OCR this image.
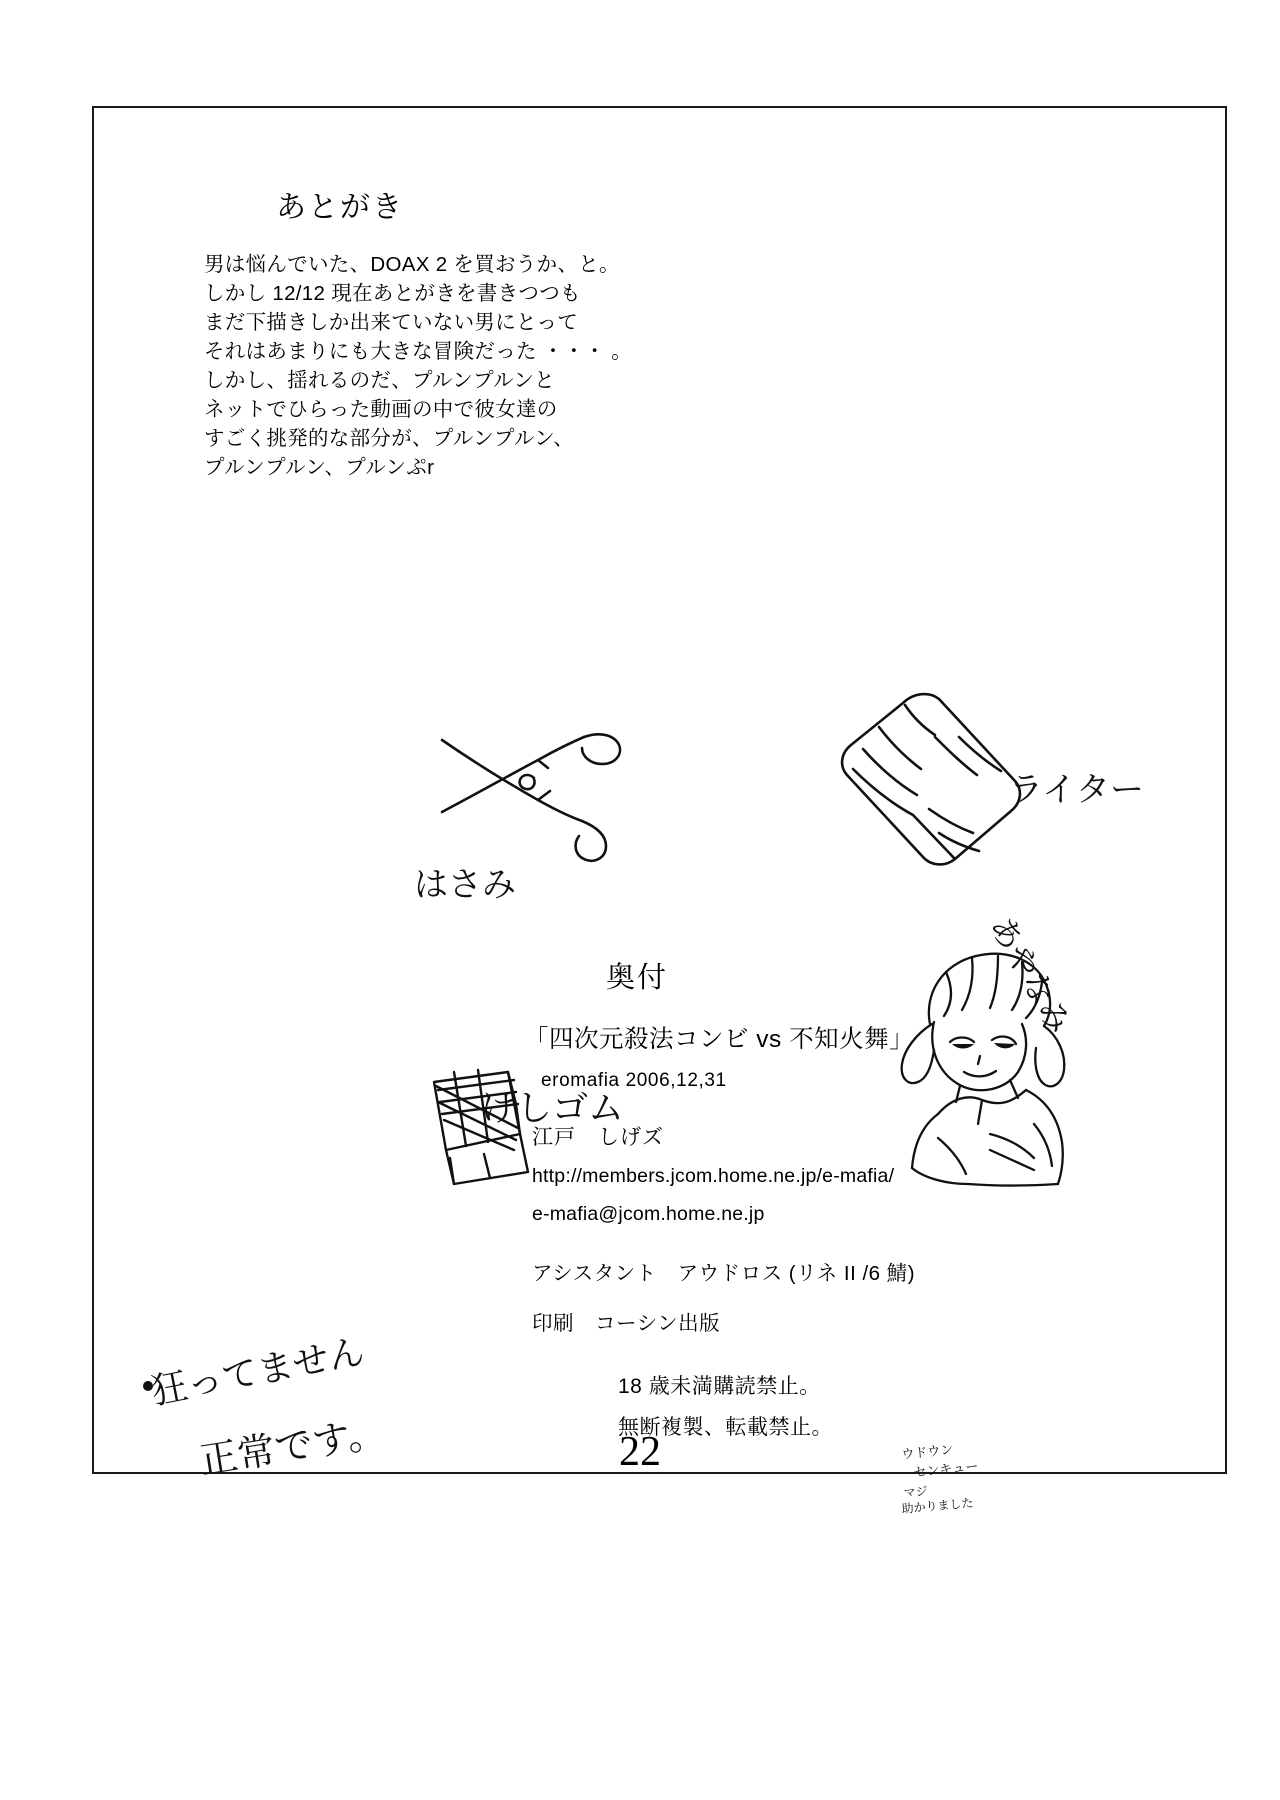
あとがき
男は悩んでいた、DOAX 2 を買おうか、と。
しかし 12/12 現在あとがきを書きつつも
まだ下描きしか出来ていない男にとって
それはあまりにも大きな冒険だった ・・・ 。
しかし、揺れるのだ、プルンプルンと
ネットでひらった動画の中で彼女達の
すごく挑発的な部分が、プルンプルン、
プルンプルン、プルンぷr
はさみ
ライター
けしゴム
あやなみ
奥付
「四次元殺法コンビ vs 不知火舞」
eromafia 2006,12,31
江戸　しげズ
http://members.jcom.home.ne.jp/e-mafia/
e-mafia@jcom.home.ne.jp
アシスタント　アウドロス (リネ II /6 鯖)
印刷　コーシン出版
18 歳未満購読禁止。
無断複製、転載禁止。
狂ってません
正常です。	ウドウン
センキュー
マジ
助かりました
22
